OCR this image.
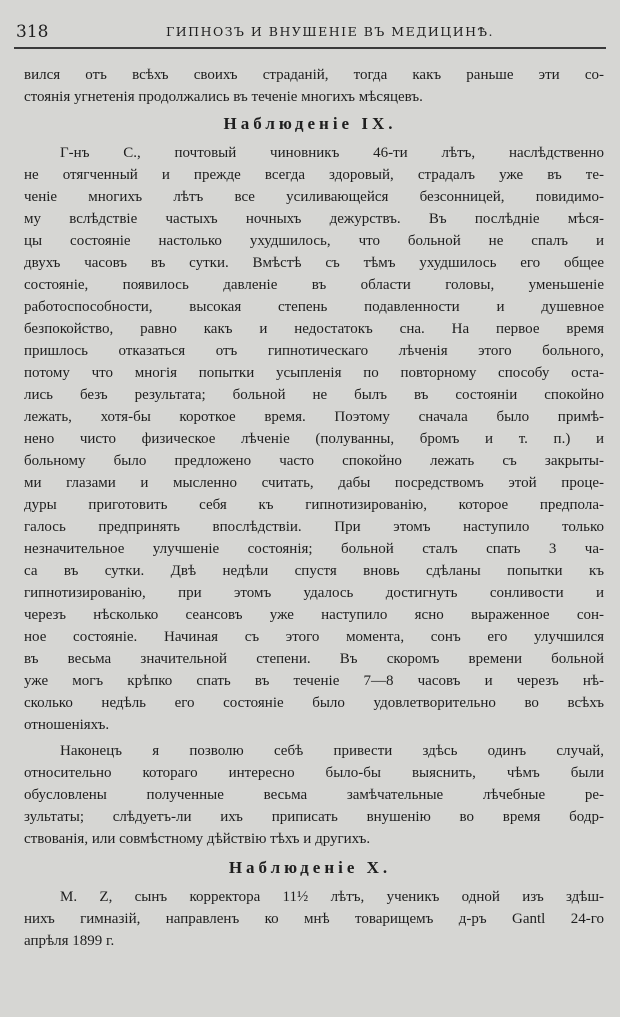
318	ГИПНОЗЪ И ВНУШЕНІЕ ВЪ МЕДИЦИНѢ.
вился отъ всѣхъ своихъ страданій, тогда какъ раньше эти со-
стоянія угнетенія продолжались въ теченіе многихъ мѣсяцевъ.
Наблюденіе IX.
Г-нъ С., почтовый чиновникъ 46-ти лѣтъ, наслѣдственно
не отягченный и прежде всегда здоровый, страдалъ уже въ те-
ченіе многихъ лѣтъ все усиливающейся безсонницей, повидимо-
му вслѣдствіе частыхъ ночныхъ дежурствъ. Въ послѣдніе мѣся-
цы состояніе настолько ухудшилось, что больной не спалъ и
двухъ часовъ въ сутки. Вмѣстѣ съ тѣмъ ухудшилось его общее
состояніе, появилось давленіе въ области головы, уменьшеніе
работоспособности, высокая степень подавленности и душевное
безпокойство, равно какъ и недостатокъ сна. На первое время
пришлось отказаться отъ гипнотическаго лѣченія этого больного,
потому что многія попытки усыпленія по повторному способу оста-
лись безъ результата; больной не былъ въ состояніи спокойно
лежать, хотя-бы короткое время. Поэтому сначала было примѣ-
нено чисто физическое лѣченіе (полуванны, бромъ и т. п.) и
больному было предложено часто спокойно лежать съ закрыты-
ми глазами и мысленно считать, дабы посредствомъ этой проце-
дуры приготовить себя къ гипнотизированію, которое предпола-
галось предпринять впослѣдствіи. При этомъ наступило только
незначительное улучшеніе состоянія; больной сталъ спать 3 ча-
са въ сутки. Двѣ недѣли спустя вновь сдѣланы попытки къ
гипнотизированію, при этомъ удалось достигнуть сонливости и
черезъ нѣсколько сеансовъ уже наступило ясно выраженное сон-
ное состояніе. Начиная съ этого момента, сонъ его улучшился
въ весьма значительной степени. Въ скоромъ времени больной
уже могъ крѣпко спать въ теченіе 7—8 часовъ и черезъ нѣ-
сколько недѣль его состояніе было удовлетворительно во всѣхъ
отношеніяхъ.
Наконецъ я позволю себѣ привести здѣсь одинъ случай,
относительно котораго интересно было-бы выяснить, чѣмъ были
обусловлены полученные весьма замѣчательные лѣчебные ре-
зультаты; слѣдуетъ-ли ихъ приписать внушенію во время бодр-
ствованія, или совмѣстному дѣйствію тѣхъ и другихъ.
Наблюденіе X.
M. Z, сынъ корректора 11½ лѣтъ, ученикъ одной изъ здѣш-
нихъ гимназій, направленъ ко мнѣ товарищемъ д-ръ Gantl 24-го
апрѣля 1899 г.
